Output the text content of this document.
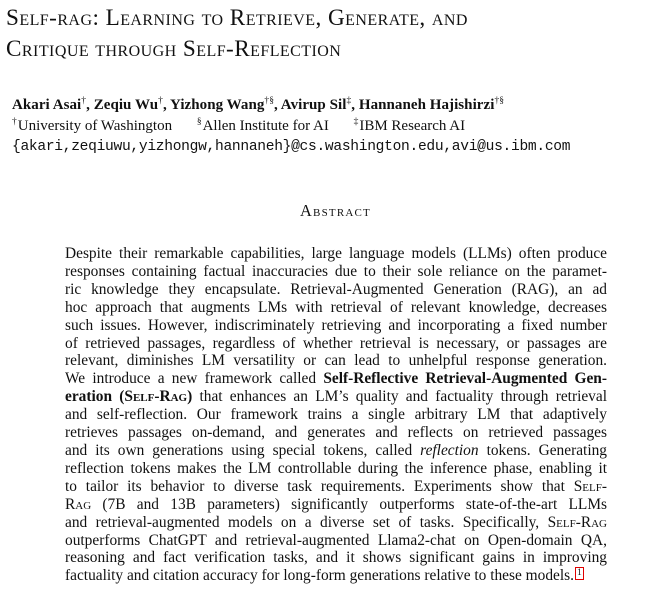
Self-rag: Learning to Retrieve, Generate, and
Critique through Self-Reflection
Akari Asai†, Zeqiu Wu†, Yizhong Wang†§, Avirup Sil‡, Hannaneh Hajishirzi†§
†University of Washington	§Allen Institute for AI	‡IBM Research AI
{akari,zeqiuwu,yizhongw,hannaneh}@cs.washington.edu,avi@us.ibm.com
Abstract
Despite their remarkable capabilities, large language models (LLMs) often produce
responses containing factual inaccuracies due to their sole reliance on the paramet-
ric knowledge they encapsulate. Retrieval-Augmented Generation (RAG), an ad
hoc approach that augments LMs with retrieval of relevant knowledge, decreases
such issues. However, indiscriminately retrieving and incorporating a fixed number
of retrieved passages, regardless of whether retrieval is necessary, or passages are
relevant, diminishes LM versatility or can lead to unhelpful response generation.
We introduce a new framework called Self-Reflective Retrieval-Augmented Gen-
eration (Self-Rag) that enhances an LM’s quality and factuality through retrieval
and self-reflection. Our framework trains a single arbitrary LM that adaptively
retrieves passages on-demand, and generates and reflects on retrieved passages
and its own generations using special tokens, called reflection tokens. Generating
reflection tokens makes the LM controllable during the inference phase, enabling it
to tailor its behavior to diverse task requirements. Experiments show that Self-
Rag (7B and 13B parameters) significantly outperforms state-of-the-art LLMs
and retrieval-augmented models on a diverse set of tasks. Specifically, Self-Rag
outperforms ChatGPT and retrieval-augmented Llama2-chat on Open-domain QA,
reasoning and fact verification tasks, and it shows significant gains in improving
factuality and citation accuracy for long-form generations relative to these models. 1
